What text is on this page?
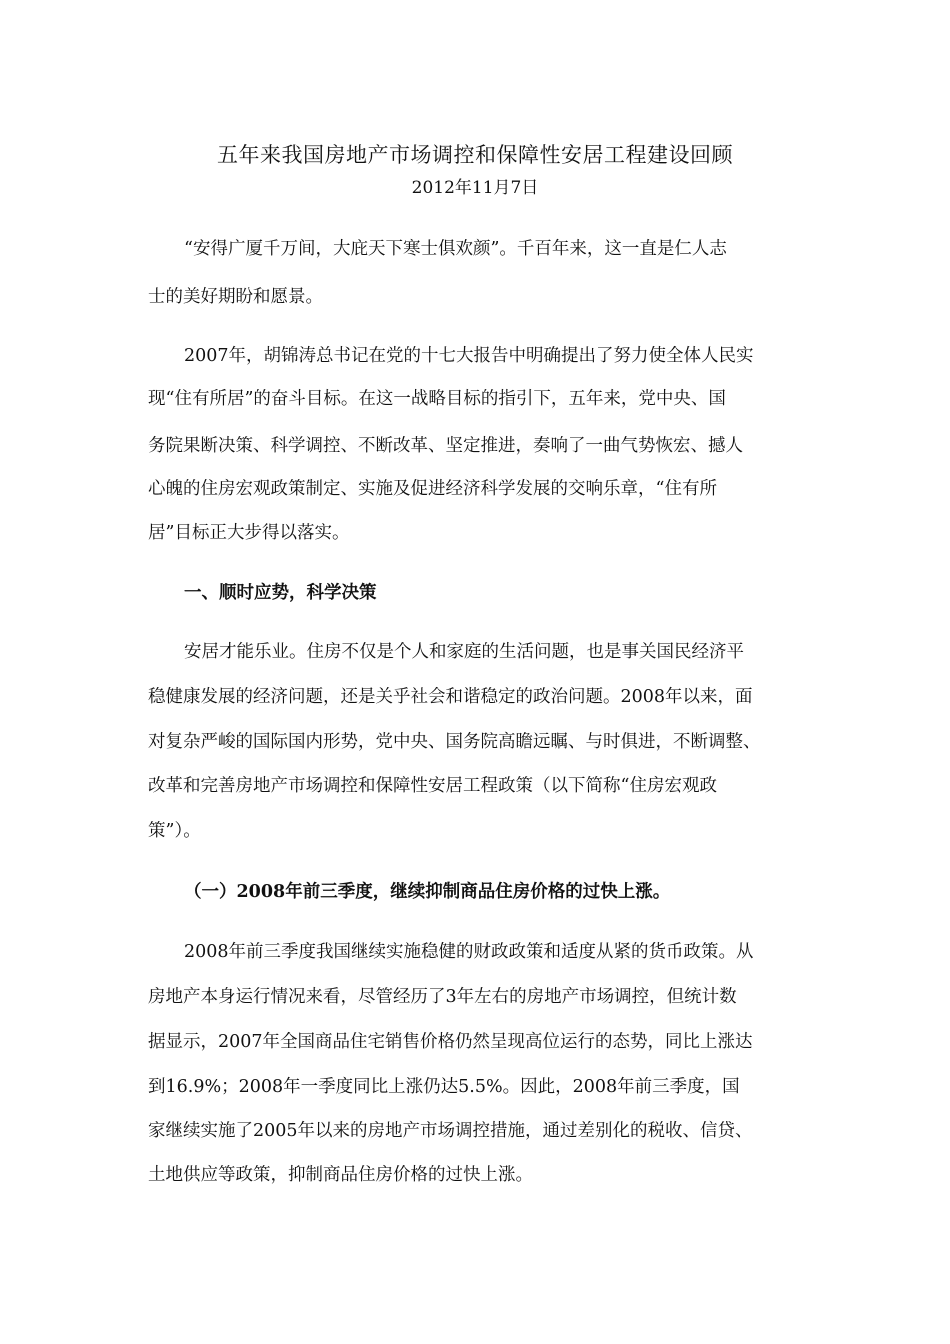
五年来我国房地产市场调控和保障性安居工程建设回顾
2012年11月7日
“安得广厦千万间，大庇天下寒士俱欢颜”。千百年来，这一直是仁人志
士的美好期盼和愿景。
2007年，胡锦涛总书记在党的十七大报告中明确提出了努力使全体人民实
现“住有所居”的奋斗目标。在这一战略目标的指引下，五年来，党中央、国
务院果断决策、科学调控、不断改革、坚定推进，奏响了一曲气势恢宏、撼人
心魄的住房宏观政策制定、实施及促进经济科学发展的交响乐章，“住有所
居”目标正大步得以落实。
一、顺时应势，科学决策
安居才能乐业。住房不仅是个人和家庭的生活问题，也是事关国民经济平
稳健康发展的经济问题，还是关乎社会和谐稳定的政治问题。2008年以来，面
对复杂严峻的国际国内形势，党中央、国务院高瞻远瞩、与时俱进，不断调整、
改革和完善房地产市场调控和保障性安居工程政策（以下简称“住房宏观政
策”）。
（一）2008年前三季度，继续抑制商品住房价格的过快上涨。
2008年前三季度我国继续实施稳健的财政政策和适度从紧的货币政策。从
房地产本身运行情况来看，尽管经历了3年左右的房地产市场调控，但统计数
据显示，2007年全国商品住宅销售价格仍然呈现高位运行的态势，同比上涨达
到16.9%；2008年一季度同比上涨仍达5.5%。因此，2008年前三季度，国
家继续实施了2005年以来的房地产市场调控措施，通过差别化的税收、信贷、
土地供应等政策，抑制商品住房价格的过快上涨。
